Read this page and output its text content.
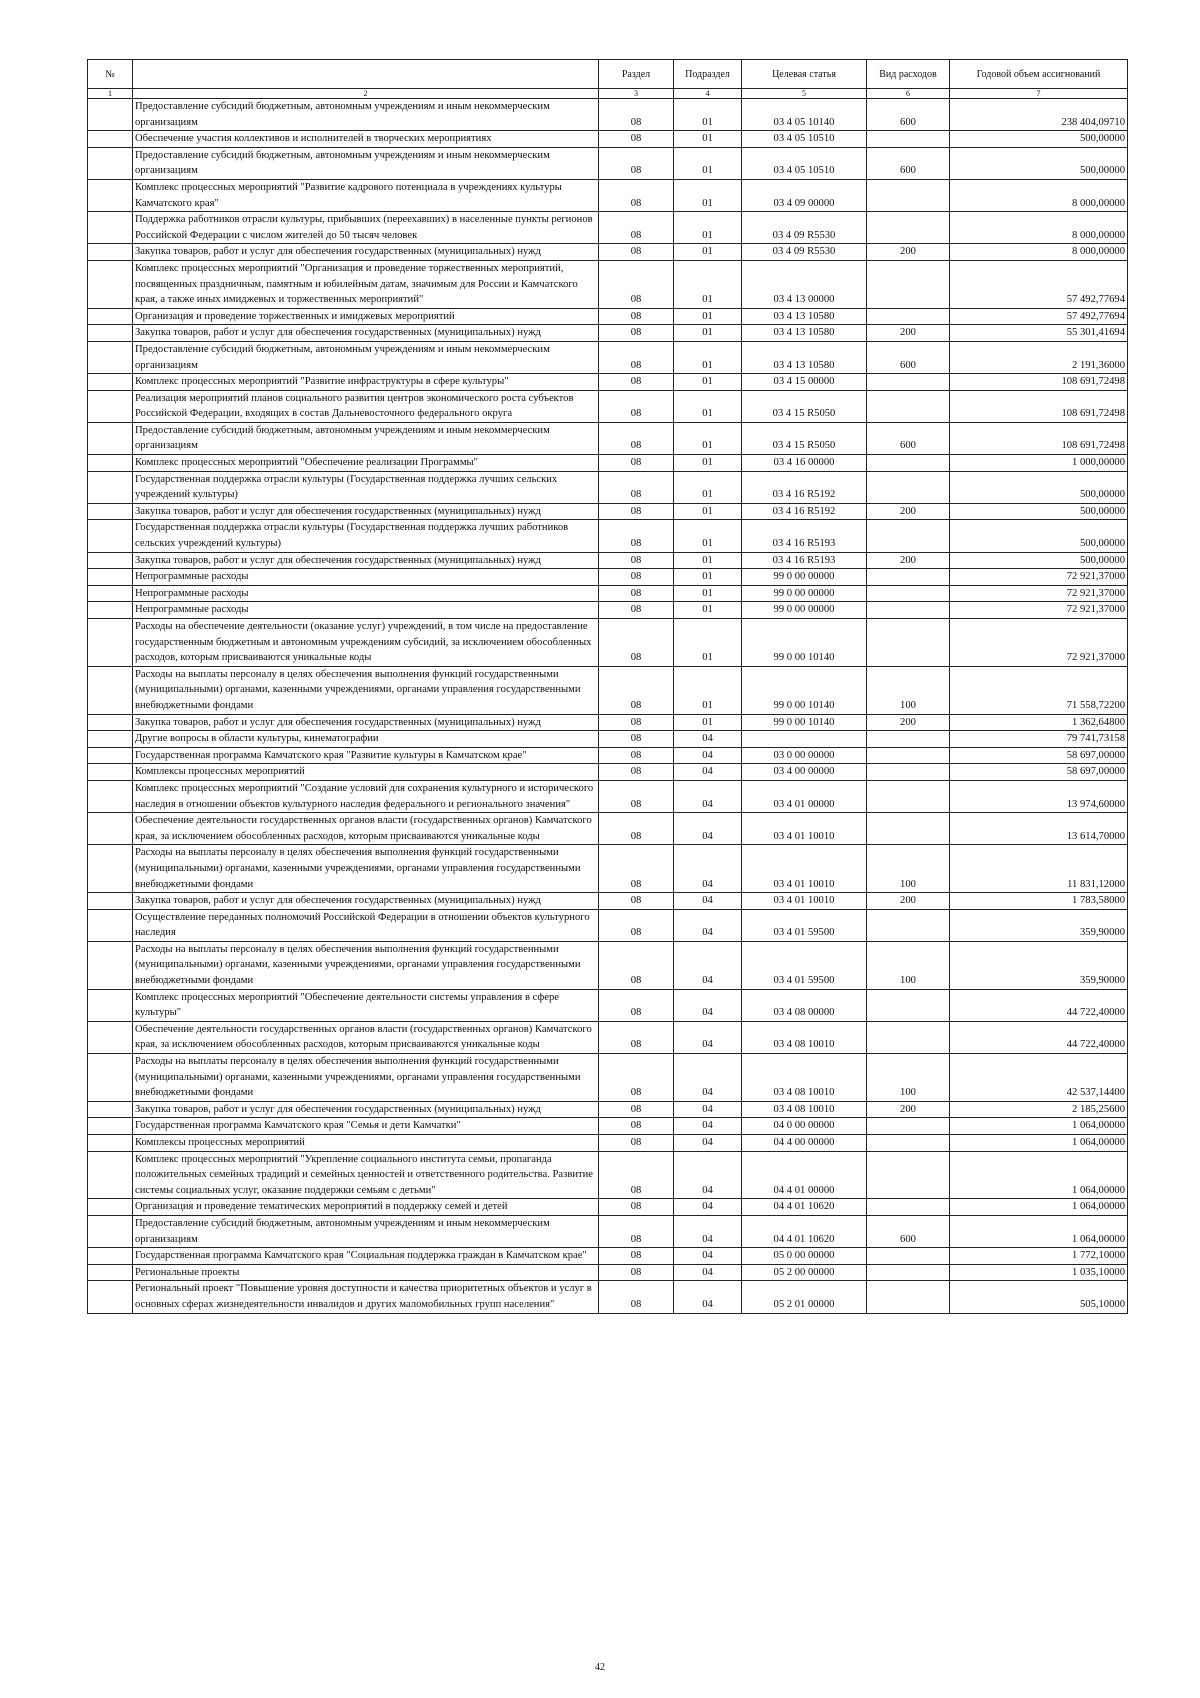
№		Раздел	Подраздел	Целевая статья	Вид расходов	Годовой объем ассигнований
1	2	3	4	5	6	7
	Предоставление субсидий бюджетным, автономным учреждениям и иным некоммерческим организациям	08	01	03 4 05 10140	600	238 404,09710
	Обеспечение участия коллективов и исполнителей в творческих мероприятиях	08	01	03 4 05 10510		500,00000
	Предоставление субсидий бюджетным, автономным учреждениям и иным некоммерческим организациям	08	01	03 4 05 10510	600	500,00000
	Комплекс процессных мероприятий "Развитие кадрового потенциала в учреждениях культуры Камчатского края"	08	01	03 4 09 00000		8 000,00000
	Поддержка работников отрасли культуры, прибывших (переехавших) в населенные пункты регионов Российской Федерации с числом жителей до 50 тысяч человек	08	01	03 4 09 R5530		8 000,00000
	Закупка товаров, работ и услуг для обеспечения государственных (муниципальных) нужд	08	01	03 4 09 R5530	200	8 000,00000
	Комплекс процессных мероприятий "Организация и проведение торжественных мероприятий, посвященных праздничным, памятным и юбилейным датам, значимым для России и Камчатского края, а также иных имиджевых и торжественных мероприятий"	08	01	03 4 13 00000		57 492,77694
	Организация и проведение торжественных и имиджевых мероприятий	08	01	03 4 13 10580		57 492,77694
	Закупка товаров, работ и услуг для обеспечения государственных (муниципальных) нужд	08	01	03 4 13 10580	200	55 301,41694
	Предоставление субсидий бюджетным, автономным учреждениям и иным некоммерческим организациям	08	01	03 4 13 10580	600	2 191,36000
	Комплекс процессных мероприятий "Развитие инфраструктуры в сфере культуры"	08	01	03 4 15 00000		108 691,72498
	Реализация мероприятий планов социального развития центров экономического роста субъектов Российской Федерации, входящих в состав Дальневосточного федерального округа	08	01	03 4 15 R5050		108 691,72498
	Предоставление субсидий бюджетным, автономным учреждениям и иным некоммерческим организациям	08	01	03 4 15 R5050	600	108 691,72498
	Комплекс процессных мероприятий "Обеспечение реализации Программы"	08	01	03 4 16 00000		1 000,00000
	Государственная поддержка отрасли культуры (Государственная поддержка лучших сельских учреждений культуры)	08	01	03 4 16 R5192		500,00000
	Закупка товаров, работ и услуг для обеспечения государственных (муниципальных) нужд	08	01	03 4 16 R5192	200	500,00000
	Государственная поддержка отрасли культуры (Государственная поддержка лучших работников сельских учреждений культуры)	08	01	03 4 16 R5193		500,00000
	Закупка товаров, работ и услуг для обеспечения государственных (муниципальных) нужд	08	01	03 4 16 R5193	200	500,00000
	Непрограммные расходы	08	01	99 0 00 00000		72 921,37000
	Непрограммные расходы	08	01	99 0 00 00000		72 921,37000
	Непрограммные расходы	08	01	99 0 00 00000		72 921,37000
	Расходы на обеспечение деятельности (оказание услуг) учреждений, в том числе на предоставление государственным бюджетным и автономным учреждениям субсидий, за исключением обособленных расходов, которым присваиваются уникальные коды	08	01	99 0 00 10140		72 921,37000
	Расходы на выплаты персоналу в целях обеспечения выполнения функций государственными (муниципальными) органами, казенными учреждениями, органами управления государственными внебюджетными фондами	08	01	99 0 00 10140	100	71 558,72200
	Закупка товаров, работ и услуг для обеспечения государственных (муниципальных) нужд	08	01	99 0 00 10140	200	1 362,64800
	Другие вопросы в области культуры, кинематографии	08	04			79 741,73158
	Государственная программа Камчатского края "Развитие культуры в Камчатском крае"	08	04	03 0 00 00000		58 697,00000
	Комплексы процессных мероприятий	08	04	03 4 00 00000		58 697,00000
	Комплекс процессных мероприятий "Создание условий для сохранения культурного и исторического наследия в отношении объектов культурного наследия федерального и регионального значения"	08	04	03 4 01 00000		13 974,60000
	Обеспечение деятельности государственных органов власти (государственных органов) Камчатского края, за исключением обособленных расходов, которым присваиваются уникальные коды	08	04	03 4 01 10010		13 614,70000
	Расходы на выплаты персоналу в целях обеспечения выполнения функций государственными (муниципальными) органами, казенными учреждениями, органами управления государственными внебюджетными фондами	08	04	03 4 01 10010	100	11 831,12000
	Закупка товаров, работ и услуг для обеспечения государственных (муниципальных) нужд	08	04	03 4 01 10010	200	1 783,58000
	Осуществление переданных полномочий Российской Федерации в отношении объектов культурного наследия	08	04	03 4 01 59500		359,90000
	Расходы на выплаты персоналу в целях обеспечения выполнения функций государственными (муниципальными) органами, казенными учреждениями, органами управления государственными внебюджетными фондами	08	04	03 4 01 59500	100	359,90000
	Комплекс процессных мероприятий "Обеспечение деятельности системы управления в сфере культуры"	08	04	03 4 08 00000		44 722,40000
	Обеспечение деятельности государственных органов власти (государственных органов) Камчатского края, за исключением обособленных расходов, которым присваиваются уникальные коды	08	04	03 4 08 10010		44 722,40000
	Расходы на выплаты персоналу в целях обеспечения выполнения функций государственными (муниципальными) органами, казенными учреждениями, органами управления государственными внебюджетными фондами	08	04	03 4 08 10010	100	42 537,14400
	Закупка товаров, работ и услуг для обеспечения государственных (муниципальных) нужд	08	04	03 4 08 10010	200	2 185,25600
	Государственная программа Камчатского края "Семья и дети Камчатки"	08	04	04 0 00 00000		1 064,00000
	Комплексы процессных мероприятий	08	04	04 4 00 00000		1 064,00000
	Комплекс процессных мероприятий "Укрепление социального института семьи, пропаганда положительных семейных традиций и семейных ценностей и ответственного родительства. Развитие системы социальных услуг, оказание поддержки семьям с детьми"	08	04	04 4 01 00000		1 064,00000
	Организация и проведение тематических мероприятий в поддержку семей и детей	08	04	04 4 01 10620		1 064,00000
	Предоставление субсидий бюджетным, автономным учреждениям и иным некоммерческим организациям	08	04	04 4 01 10620	600	1 064,00000
	Государственная программа Камчатского края "Социальная поддержка граждан в Камчатском крае"	08	04	05 0 00 00000		1 772,10000
	Региональные проекты	08	04	05 2 00 00000		1 035,10000
	Региональный проект "Повышение уровня доступности и качества приоритетных объектов и услуг в основных сферах жизнедеятельности инвалидов и других маломобильных групп населения"	08	04	05 2 01 00000		505,10000
42
